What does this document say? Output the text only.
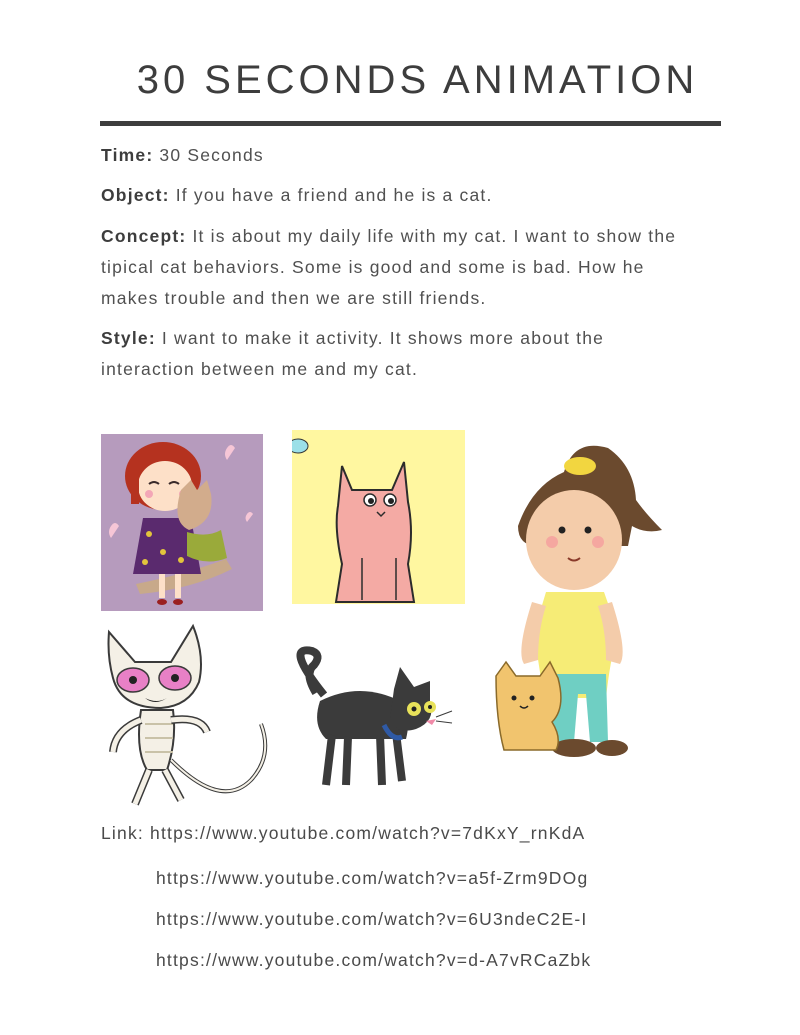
30 SECONDS ANIMATION
Time: 30 Seconds
Object: If you have a friend and he is a cat.
Concept: It is about my daily life with my cat. I want to show the tipical cat behaviors. Some is good and some is bad. How he makes trouble and then we are still friends.
Style: I want to make it activity. It shows more about the interaction between me and my cat.
Link: https://www.youtube.com/watch?v=7dKxY_rnKdA
https://www.youtube.com/watch?v=a5f-Zrm9DOg
https://www.youtube.com/watch?v=6U3ndeC2E-I
https://www.youtube.com/watch?v=d-A7vRCaZbk
